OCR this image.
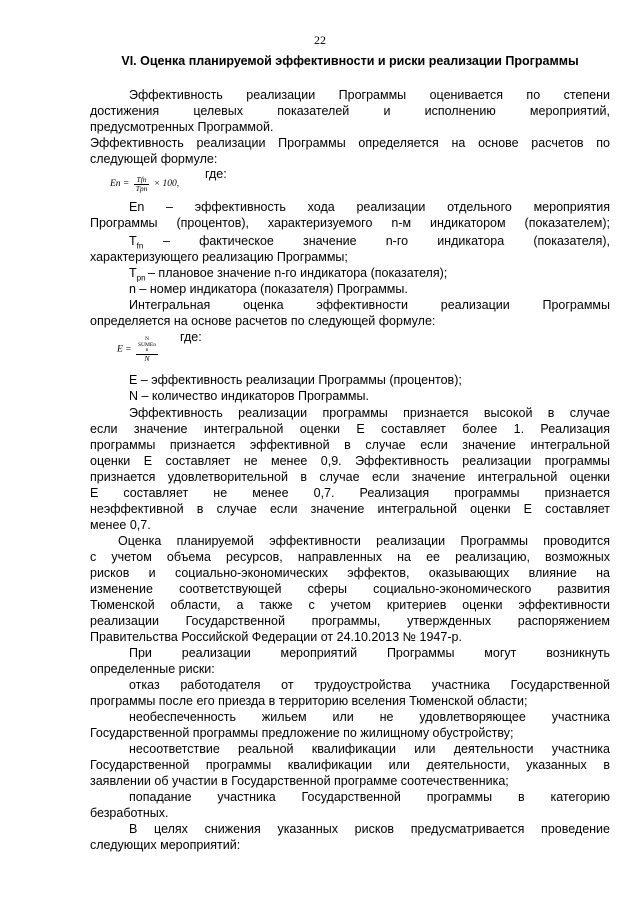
22
VI. Оценка планируемой эффективности и риски реализации Программы
Эффективность реализации Программы оценивается по степени
достижения целевых показателей и исполнению мероприятий,
предусмотренных Программой.
Эффективность реализации Программы определяется на основе расчетов по
следующей формуле:
$En = \frac{\text{Tfn}}{\text{Tpn}} \times 100$,
где:
En – эффективность хода реализации отдельного мероприятия
Программы (процентов), характеризуемого n-м индикатором (показателем);
$T_{fn}$	– фактическое значение n-го индикатора (показателя),
характеризующего реализацию Программы;
$T_{pn}$ – плановое значение n-го индикатора (показателя);
n – номер индикатора (показателя) Программы.
Интегральная оценка эффективности реализации Программы
определяется на основе расчетов по следующей формуле:
E = N
SUMEn
n
N где:
E – эффективность реализации Программы (процентов);
N – количество индикаторов Программы.
Эффективность реализации программы признается высокой в случае
если значение интегральной оценки E составляет более 1. Реализация
программы признается эффективной в случае если значение интегральной
оценки E составляет не менее 0,9. Эффективность реализации программы
признается удовлетворительной в случае если значение интегральной оценки
E составляет не менее 0,7. Реализация программы признается
неэффективной в случае если значение интегральной оценки E составляет
менее 0,7.
Оценка планируемой эффективности реализации Программы проводится
с учетом объема ресурсов, направленных на ее реализацию, возможных
рисков и социально-экономических эффектов, оказывающих влияние на
изменение соответствующей сферы социально-экономического развития
Тюменской области, а также с учетом критериев оценки эффективности
реализации Государственной программы, утвержденных распоряжением
Правительства Российской Федерации от 24.10.2013 № 1947-р.
При реализации мероприятий Программы могут возникнуть
определенные риски:
отказ работодателя от трудоустройства участника Государственной
программы после его приезда в территорию вселения Тюменской области;
необеспеченность жильем или не удовлетворяющее участника
Государственной программы предложение по жилищному обустройству;
несоответствие реальной квалификации или деятельности участника
Государственной программы квалификации или деятельности, указанных в
заявлении об участии в Государственной программе соотечественника;
попадание участника Государственной программы в категорию
безработных.
В целях снижения указанных рисков предусматривается проведение
следующих мероприятий:
